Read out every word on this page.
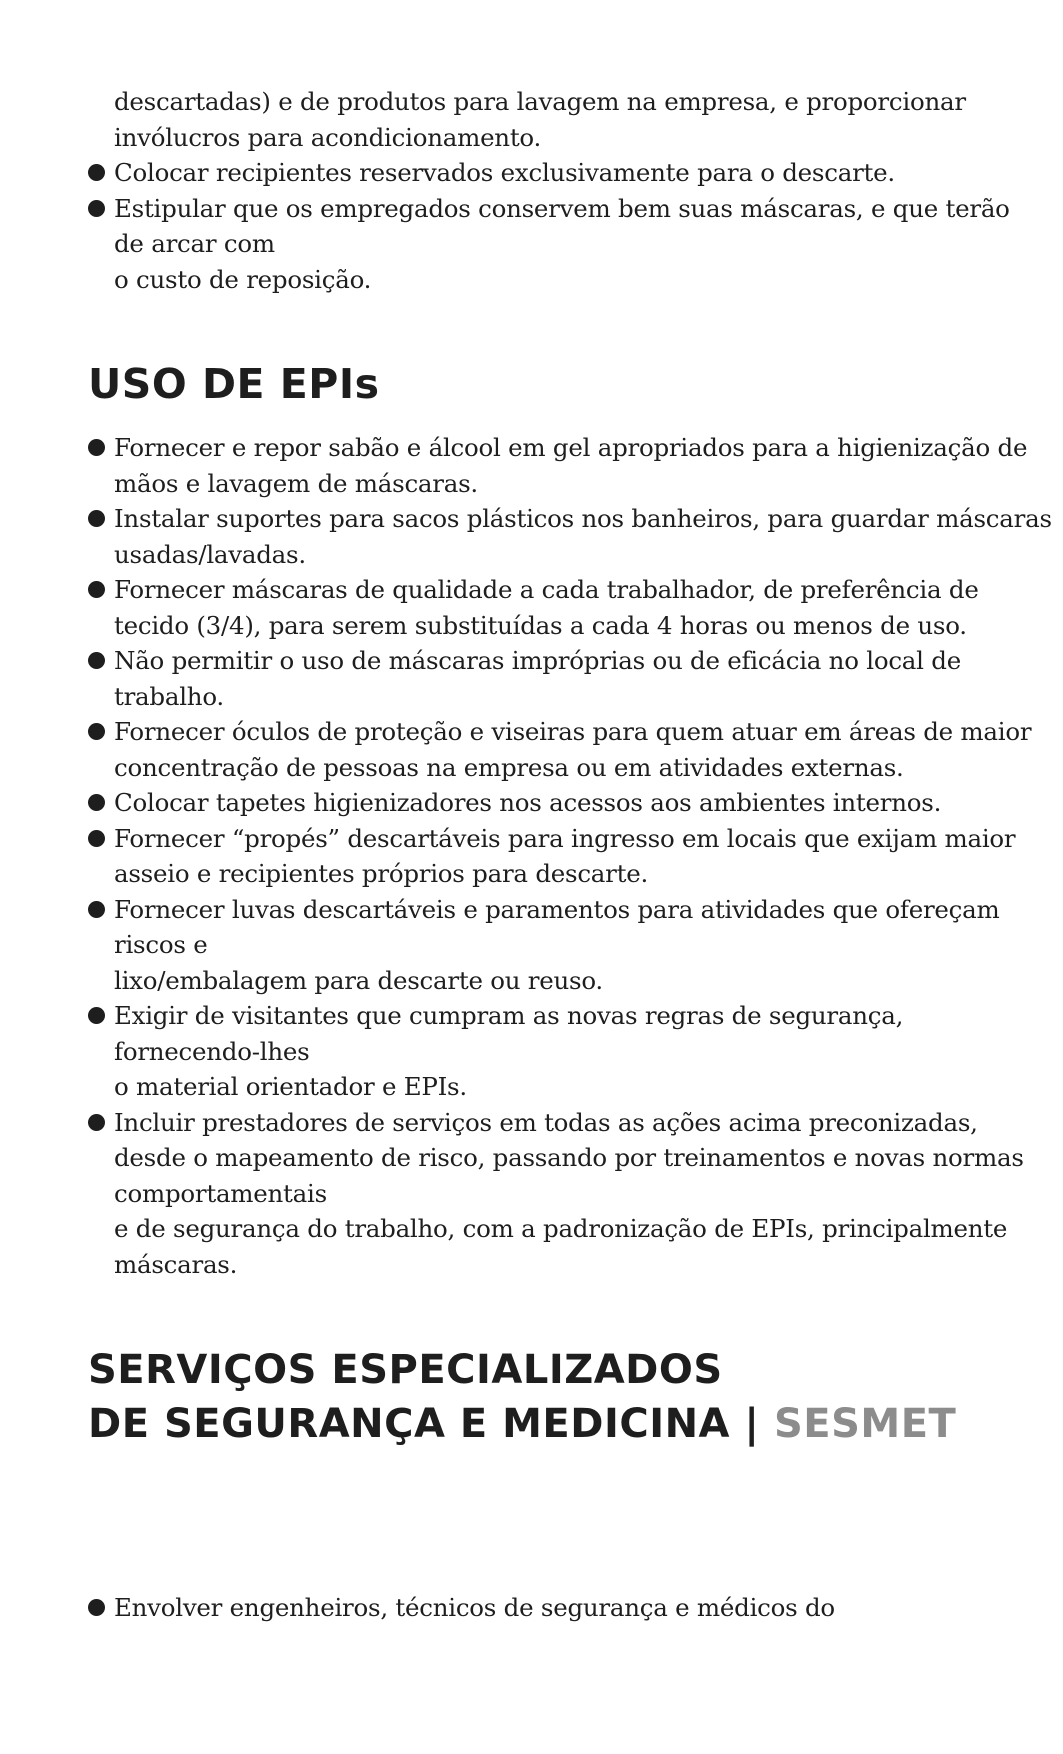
descartadas) e de produtos para lavagem na empresa, e proporcionar
invólucros para acondicionamento.
Colocar recipientes reservados exclusivamente para o descarte.
Estipular que os empregados conservem bem suas máscaras, e que terão
de arcar com
o custo de reposição.
USO DE EPIs
Fornecer e repor sabão e álcool em gel apropriados para a higienização de
mãos e lavagem de máscaras.
Instalar suportes para sacos plásticos nos banheiros, para guardar máscaras
usadas/lavadas.
Fornecer máscaras de qualidade a cada trabalhador, de preferência de
tecido (3/4), para serem substituídas a cada 4 horas ou menos de uso.
Não permitir o uso de máscaras impróprias ou de eficácia no local de
trabalho.
Fornecer óculos de proteção e viseiras para quem atuar em áreas de maior
concentração de pessoas na empresa ou em atividades externas.
Colocar tapetes higienizadores nos acessos aos ambientes internos.
Fornecer “propés” descartáveis para ingresso em locais que exijam maior
asseio e recipientes próprios para descarte.
Fornecer luvas descartáveis e paramentos para atividades que ofereçam
riscos e
lixo/embalagem para descarte ou reuso.
Exigir de visitantes que cumpram as novas regras de segurança,
fornecendo-lhes
o material orientador e EPIs.
Incluir prestadores de serviços em todas as ações acima preconizadas,
desde o mapeamento de risco, passando por treinamentos e novas normas
comportamentais
e de segurança do trabalho, com a padronização de EPIs, principalmente
máscaras.
SERVIÇOS ESPECIALIZADOS
DE SEGURANÇA E MEDICINA | SESMET
Envolver engenheiros, técnicos de segurança e médicos do
